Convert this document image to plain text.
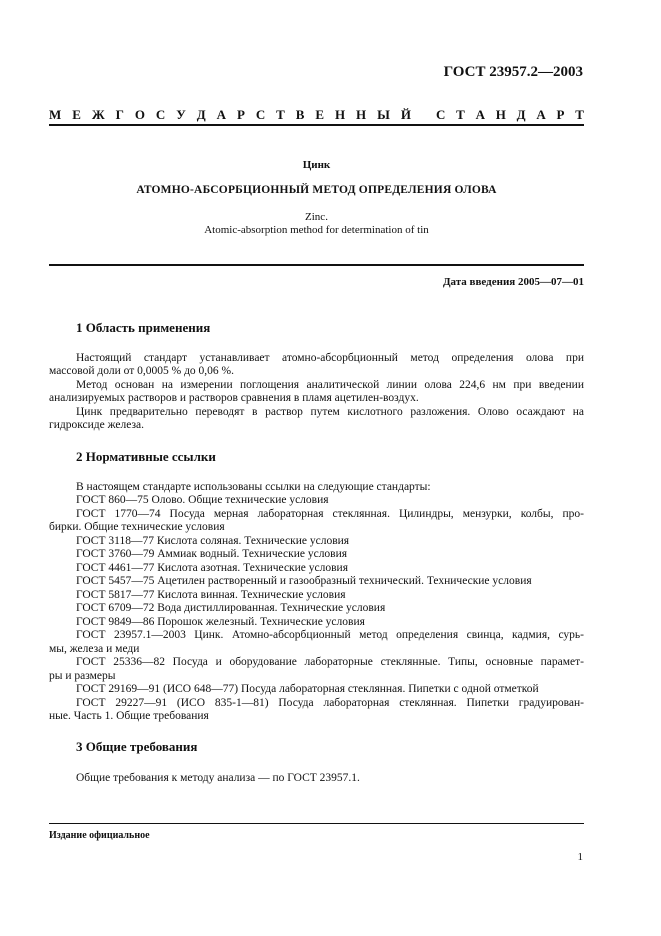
ГОСТ 23957.2—2003
М Е Ж Г О С У Д А Р С Т В Е Н Н Ы Й С Т А Н Д А Р Т
Цинк
АТОМНО-АБСОРБЦИОННЫЙ МЕТОД ОПРЕДЕЛЕНИЯ ОЛОВА
Zinc.
Atomic-absorption method for determination of tin
Дата введения 2005—07—01
1 Область применения
Настоящий стандарт устанавливает атомно-абсорбционный метод определения олова при
массовой доли от 0,0005 % до 0,06 %.
Метод основан на измерении поглощения аналитической линии олова 224,6 нм при введении
анализируемых растворов и растворов сравнения в пламя ацетилен-воздух.
Цинк предварительно переводят в раствор путем кислотного разложения. Олово осаждают на
гидроксиде железа.
2 Нормативные ссылки
В настоящем стандарте использованы ссылки на следующие стандарты:
ГОСТ 860—75 Олово. Общие технические условия
ГОСТ 1770—74 Посуда мерная лабораторная стеклянная. Цилиндры, мензурки, колбы, про-
бирки. Общие технические условия
ГОСТ 3118—77 Кислота соляная. Технические условия
ГОСТ 3760—79 Аммиак водный. Технические условия
ГОСТ 4461—77 Кислота азотная. Технические условия
ГОСТ 5457—75 Ацетилен растворенный и газообразный технический. Технические условия
ГОСТ 5817—77 Кислота винная. Технические условия
ГОСТ 6709—72 Вода дистиллированная. Технические условия
ГОСТ 9849—86 Порошок железный. Технические условия
ГОСТ 23957.1—2003 Цинк. Атомно-абсорбционный метод определения свинца, кадмия, сурь-
мы, железа и меди
ГОСТ 25336—82 Посуда и оборудование лабораторные стеклянные. Типы, основные парамет-
ры и размеры
ГОСТ 29169—91 (ИСО 648—77) Посуда лабораторная стеклянная. Пипетки с одной отметкой
ГОСТ 29227—91 (ИСО 835-1—81) Посуда лабораторная стеклянная. Пипетки градуирован-
ные. Часть 1. Общие требования
3 Общие требования
Общие требования к методу анализа — по ГОСТ 23957.1.
Издание официальное
1
